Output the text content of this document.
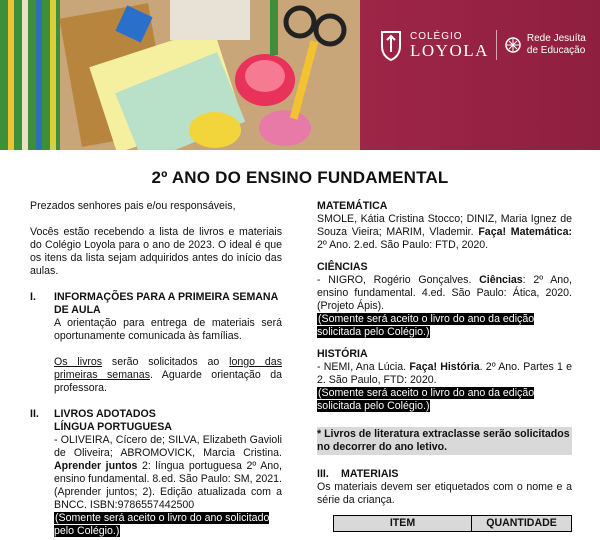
COLÉGIO
LOYOLA
Rede Jesuíta
de Educação
2º ANO DO ENSINO FUNDAMENTAL

Prezados senhores pais e/ou responsáveis,

Vocês estão recebendo a lista de livros e materiais do Colégio Loyola para o ano de 2023. O ideal é que os itens da lista sejam adquiridos antes do início das aulas.

I.	INFORMAÇÕES PARA A PRIMEIRA SEMANA DE AULA

A orientação para entrega de materiais será oportunamente comunicada às famílias.

Os livros serão solicitados ao longo das primeiras semanas. Aguarde orientação da professora.

II.	LIVROS ADOTADOS

LÍNGUA PORTUGUESA

- OLIVEIRA, Cícero de; SILVA, Elizabeth Gavioli de Oliveira; ABROMOVICK, Marcia Cristina. Aprender juntos 2: língua portuguesa 2º Ano, ensino fundamental. 8.ed. São Paulo: SM, 2021. (Aprender juntos; 2). Edição atualizada com a BNCC. ISBN:9786557442500

(Somente será aceito o livro do ano solicitado pelo Colégio.)

MATEMÁTICA

SMOLE, Kátia Cristina Stocco; DINIZ, Maria Ignez de Souza Vieira; MARIM, Vlademir. Faça! Matemática: 2º Ano. 2.ed. São Paulo: FTD, 2020.

CIÊNCIAS

- NIGRO, Rogério Gonçalves. Ciências: 2º Ano, ensino fundamental. 4.ed. São Paulo: Ática, 2020. (Projeto Ápis).

(Somente será aceito o livro do ano da edição solicitada pelo Colégio.)

HISTÓRIA

- NEMI, Ana Lúcia. Faça! História. 2º Ano. Partes 1 e 2. São Paulo, FTD: 2020.

(Somente será aceito o livro do ano da edição solicitada pelo Colégio.)

* Livros de literatura extraclasse serão solicitados no decorrer do ano letivo.

III.	MATERIAIS

Os materiais devem ser etiquetados com o nome e a série da criança.

ITEM	QUANTIDADE
